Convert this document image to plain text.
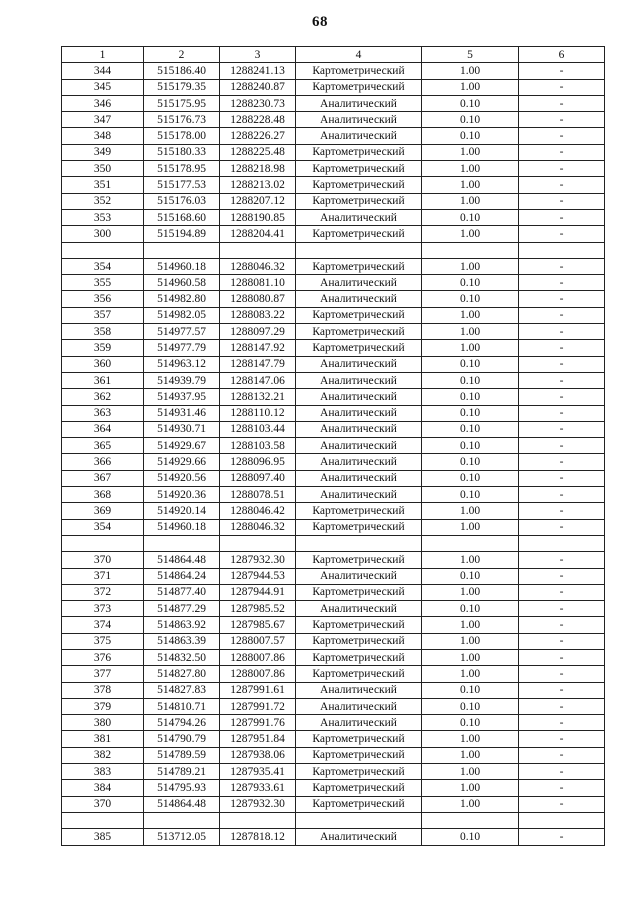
68
1	2	3	4	5	6
344	515186.40	1288241.13	Картометрический	1.00	-
345	515179.35	1288240.87	Картометрический	1.00	-
346	515175.95	1288230.73	Аналитический	0.10	-
347	515176.73	1288228.48	Аналитический	0.10	-
348	515178.00	1288226.27	Аналитический	0.10	-
349	515180.33	1288225.48	Картометрический	1.00	-
350	515178.95	1288218.98	Картометрический	1.00	-
351	515177.53	1288213.02	Картометрический	1.00	-
352	515176.03	1288207.12	Картометрический	1.00	-
353	515168.60	1288190.85	Аналитический	0.10	-
300	515194.89	1288204.41	Картометрический	1.00	-

354	514960.18	1288046.32	Картометрический	1.00	-
355	514960.58	1288081.10	Аналитический	0.10	-
356	514982.80	1288080.87	Аналитический	0.10	-
357	514982.05	1288083.22	Картометрический	1.00	-
358	514977.57	1288097.29	Картометрический	1.00	-
359	514977.79	1288147.92	Картометрический	1.00	-
360	514963.12	1288147.79	Аналитический	0.10	-
361	514939.79	1288147.06	Аналитический	0.10	-
362	514937.95	1288132.21	Аналитический	0.10	-
363	514931.46	1288110.12	Аналитический	0.10	-
364	514930.71	1288103.44	Аналитический	0.10	-
365	514929.67	1288103.58	Аналитический	0.10	-
366	514929.66	1288096.95	Аналитический	0.10	-
367	514920.56	1288097.40	Аналитический	0.10	-
368	514920.36	1288078.51	Аналитический	0.10	-
369	514920.14	1288046.42	Картометрический	1.00	-
354	514960.18	1288046.32	Картометрический	1.00	-

370	514864.48	1287932.30	Картометрический	1.00	-
371	514864.24	1287944.53	Аналитический	0.10	-
372	514877.40	1287944.91	Картометрический	1.00	-
373	514877.29	1287985.52	Аналитический	0.10	-
374	514863.92	1287985.67	Картометрический	1.00	-
375	514863.39	1288007.57	Картометрический	1.00	-
376	514832.50	1288007.86	Картометрический	1.00	-
377	514827.80	1288007.86	Картометрический	1.00	-
378	514827.83	1287991.61	Аналитический	0.10	-
379	514810.71	1287991.72	Аналитический	0.10	-
380	514794.26	1287991.76	Аналитический	0.10	-
381	514790.79	1287951.84	Картометрический	1.00	-
382	514789.59	1287938.06	Картометрический	1.00	-
383	514789.21	1287935.41	Картометрический	1.00	-
384	514795.93	1287933.61	Картометрический	1.00	-
370	514864.48	1287932.30	Картометрический	1.00	-

385	513712.05	1287818.12	Аналитический	0.10	-
